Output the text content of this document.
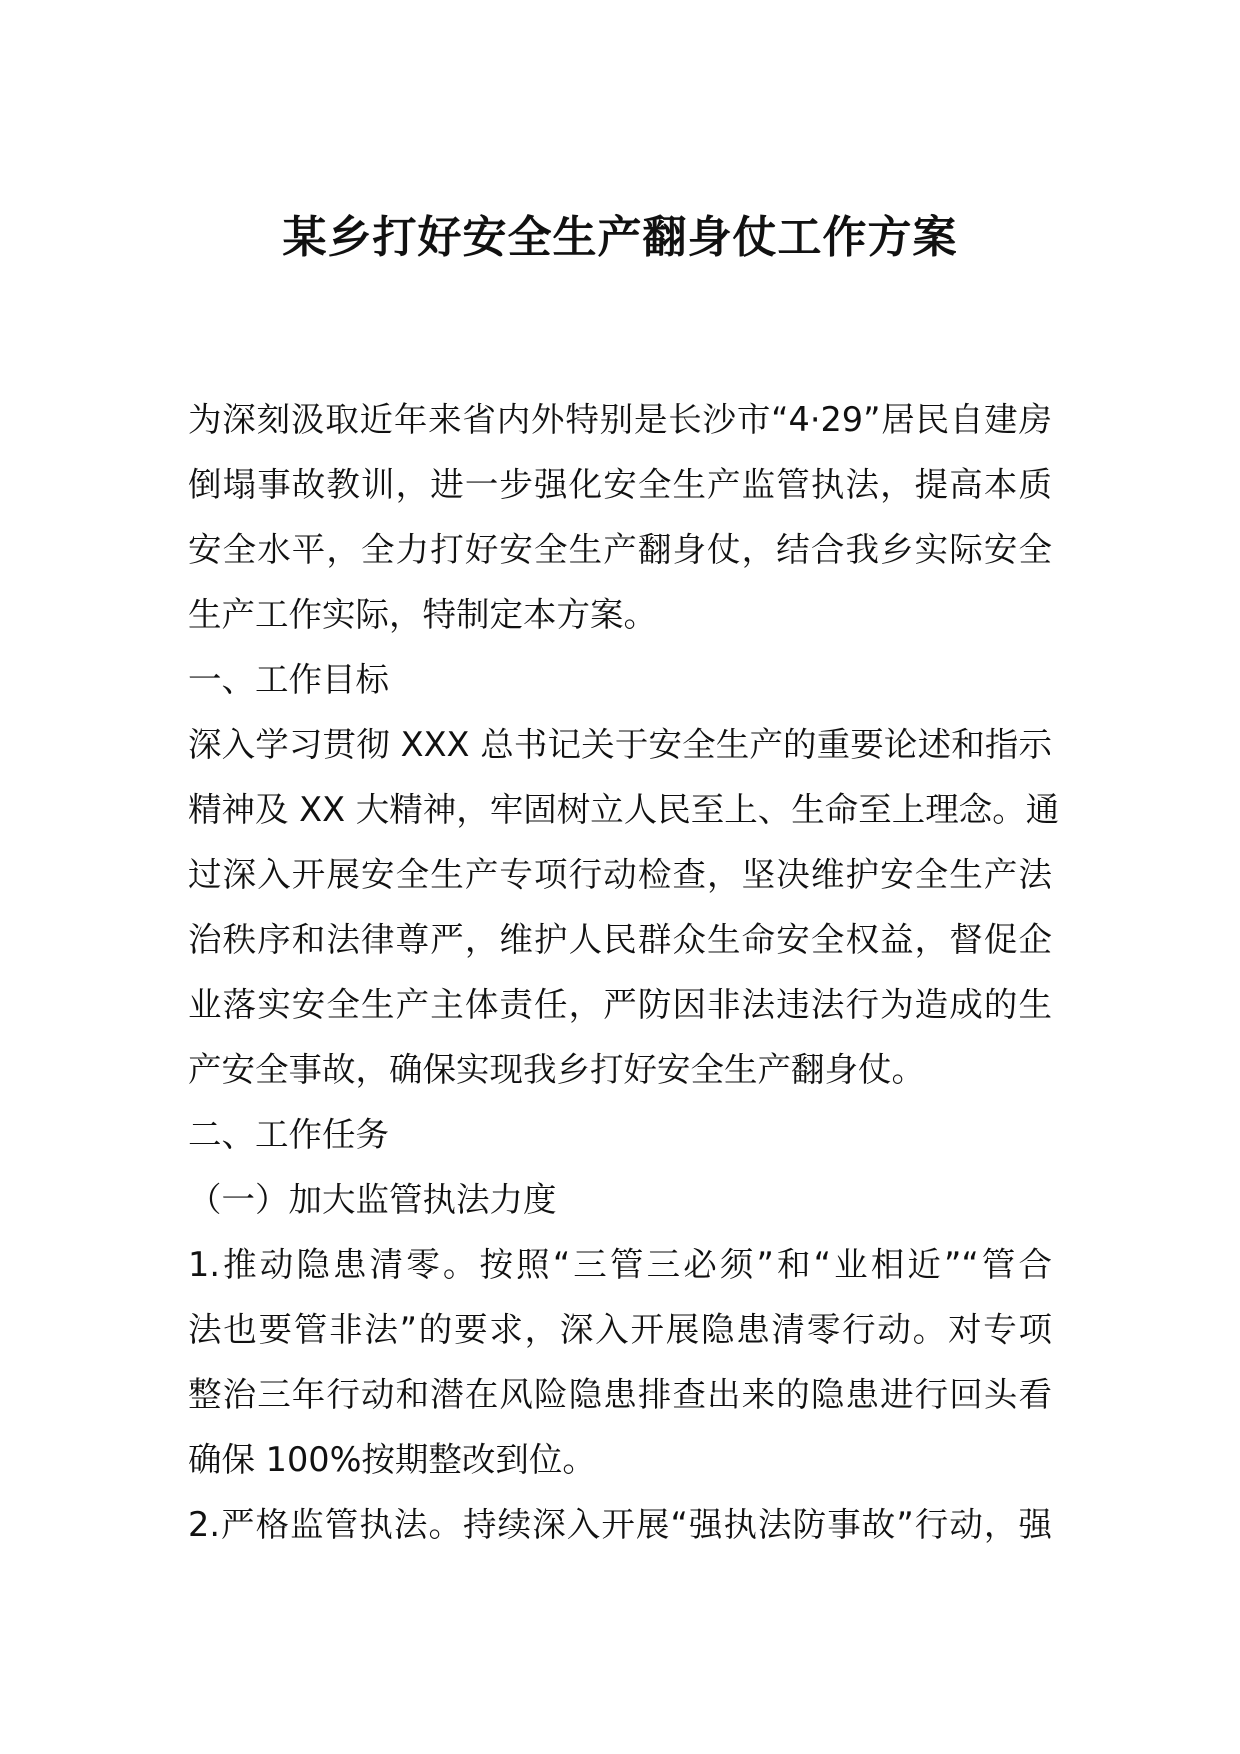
某乡打好安全生产翻身仗工作方案
为深刻汲取近年来省内外特别是长沙市“4·29”居民自建房
倒塌事故教训，进一步强化安全生产监管执法，提高本质
安全水平，全力打好安全生产翻身仗，结合我乡实际安全
生产工作实际，特制定本方案。
一、工作目标
深入学习贯彻 XXX 总书记关于安全生产的重要论述和指示
精神及 XX 大精神，牢固树立人民至上、生命至上理念。通
过深入开展安全生产专项行动检查，坚决维护安全生产法
治秩序和法律尊严，维护人民群众生命安全权益，督促企
业落实安全生产主体责任，严防因非法违法行为造成的生
产安全事故，确保实现我乡打好安全生产翻身仗。
二、工作任务
（一）加大监管执法力度
1.推动隐患清零。按照“三管三必须”和“业相近”“管合
法也要管非法”的要求，深入开展隐患清零行动。对专项
整治三年行动和潜在风险隐患排查出来的隐患进行回头看
确保 100%按期整改到位。
2.严格监管执法。持续深入开展“强执法防事故”行动，强
